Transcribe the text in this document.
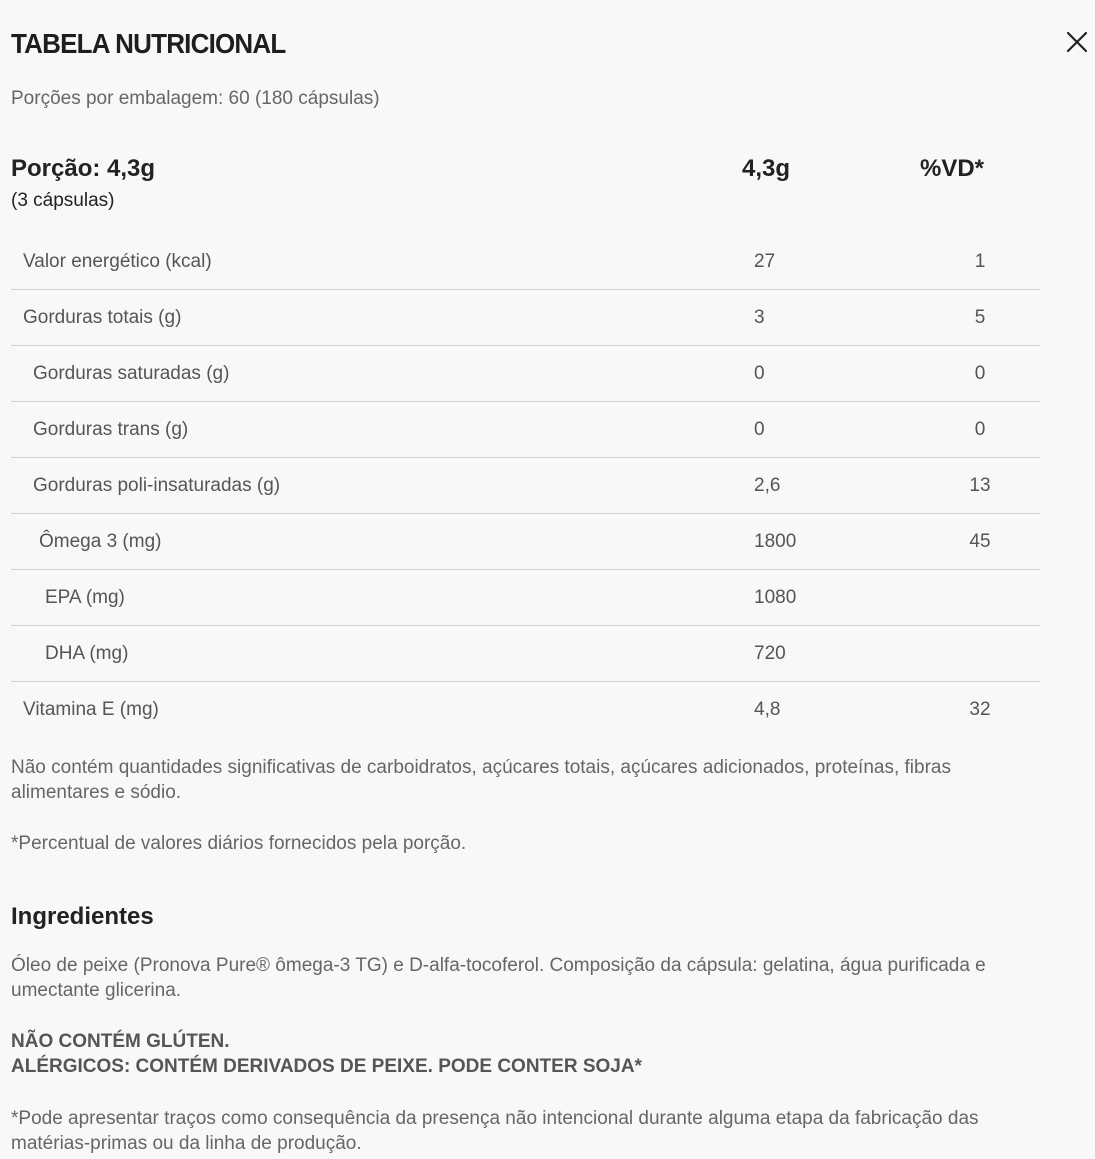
TABELA NUTRICIONAL
Porções por embalagem: 60 (180 cápsulas)
Porção: 4,3g
(3 cápsulas)
4,3g	%VD*
Valor energético (kcal)	27	1
Gorduras totais (g)	3	5
Gorduras saturadas (g)	0	0
Gorduras trans (g)	0	0
Gorduras poli-insaturadas (g)	2,6	13
Ômega 3 (mg)	1800	45
EPA (mg)	1080
DHA (mg)	720
Vitamina E (mg)	4,8	32
Não contém quantidades significativas de carboidratos, açúcares totais, açúcares adicionados, proteínas, fibras alimentares e sódio.
*Percentual de valores diários fornecidos pela porção.
Ingredientes
Óleo de peixe (Pronova Pure® ômega-3 TG) e D-alfa-tocoferol. Composição da cápsula: gelatina, água purificada e umectante glicerina.
NÃO CONTÉM GLÚTEN.
ALÉRGICOS: CONTÉM DERIVADOS DE PEIXE. PODE CONTER SOJA*
*Pode apresentar traços como consequência da presença não intencional durante alguma etapa da fabricação das matérias-primas ou da linha de produção.
